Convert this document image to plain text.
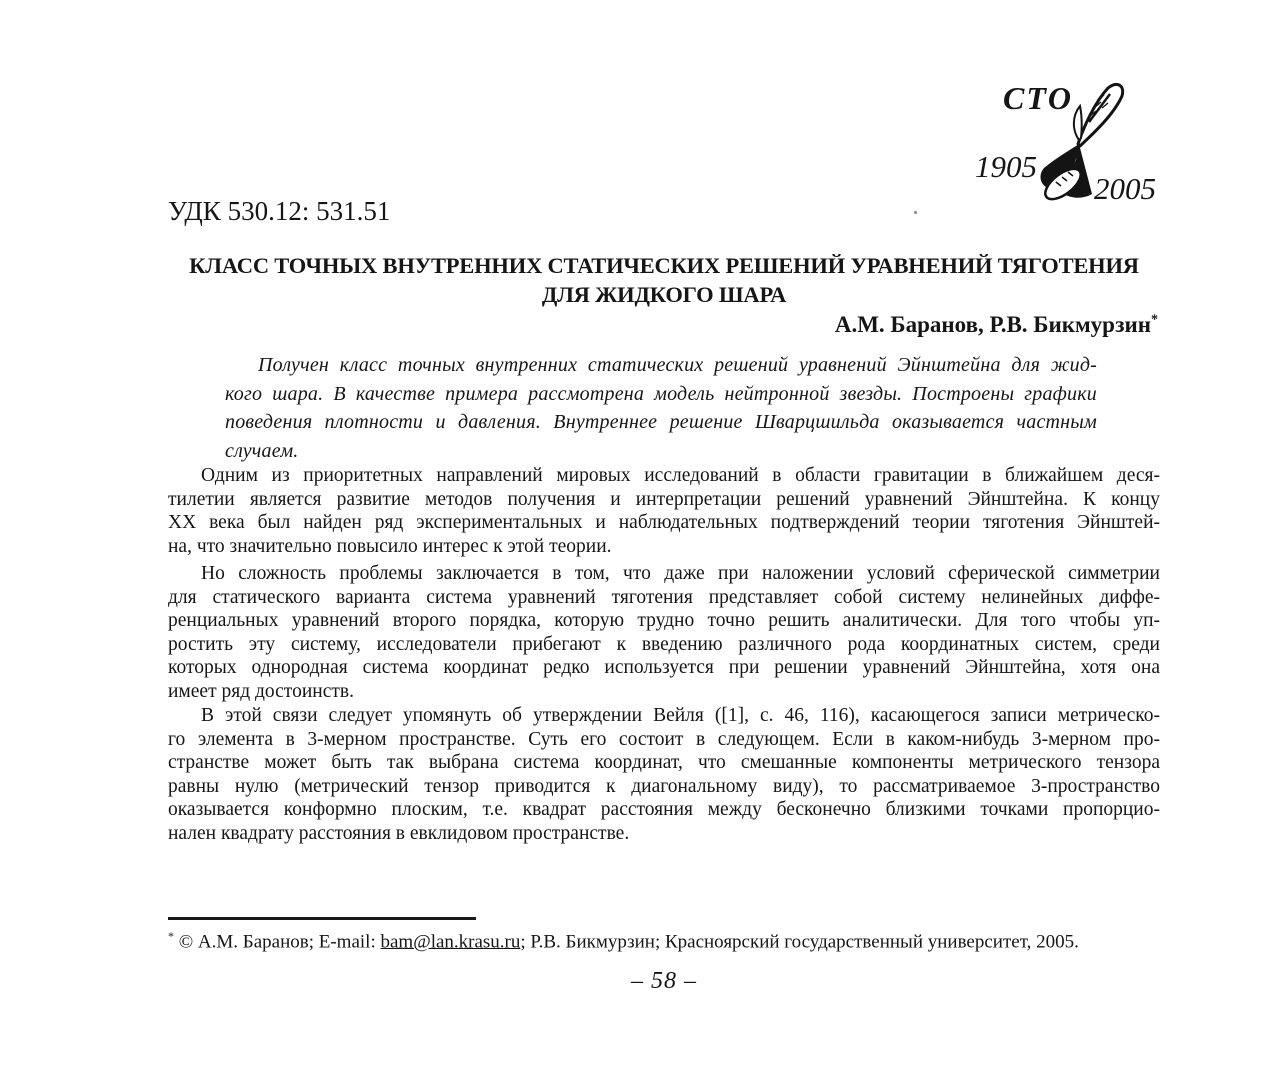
СТО
1905
2005
УДК 530.12: 531.51
КЛАСС ТОЧНЫХ ВНУТРЕННИХ СТАТИЧЕСКИХ РЕШЕНИЙ УРАВНЕНИЙ ТЯГОТЕНИЯ
ДЛЯ ЖИДКОГО ШАРА
А.М. Баранов, Р.В. Бикмурзин*
Получен класс точных внутренних статических решений уравнений Эйнштейна для жид-
кого шара. В качестве примера рассмотрена модель нейтронной звезды. Построены графики
поведения плотности и давления. Внутреннее решение Шварцшильда оказывается частным
случаем.
Одним из приоритетных направлений мировых исследований в области гравитации в ближайшем деся-
тилетии является развитие методов получения и интерпретации решений уравнений Эйнштейна. К концу
XX века был найден ряд экспериментальных и наблюдательных подтверждений теории тяготения Эйнштей-
на, что значительно повысило интерес к этой теории.
Но сложность проблемы заключается в том, что даже при наложении условий сферической симметрии
для статического варианта система уравнений тяготения представляет собой систему нелинейных диффе-
ренциальных уравнений второго порядка, которую трудно точно решить аналитически. Для того чтобы уп-
ростить эту систему, исследователи прибегают к введению различного рода координатных систем, среди
которых однородная система координат редко используется при решении уравнений Эйнштейна, хотя она
имеет ряд достоинств.
В этой связи следует упомянуть об утверждении Вейля ([1], с. 46, 116), касающегося записи метрическо-
го элемента в 3-мерном пространстве. Суть его состоит в следующем. Если в каком-нибудь 3-мерном про-
странстве может быть так выбрана система координат, что смешанные компоненты метрического тензора
равны нулю (метрический тензор приводится к диагональному виду), то рассматриваемое 3-пространство
оказывается конформно плоским, т.е. квадрат расстояния между бесконечно близкими точками пропорцио-
нален квадрату расстояния в евклидовом пространстве.
* © А.М. Баранов; E-mail: bam@lan.krasu.ru; Р.В. Бикмурзин; Красноярский государственный университет, 2005.
– 58 –
